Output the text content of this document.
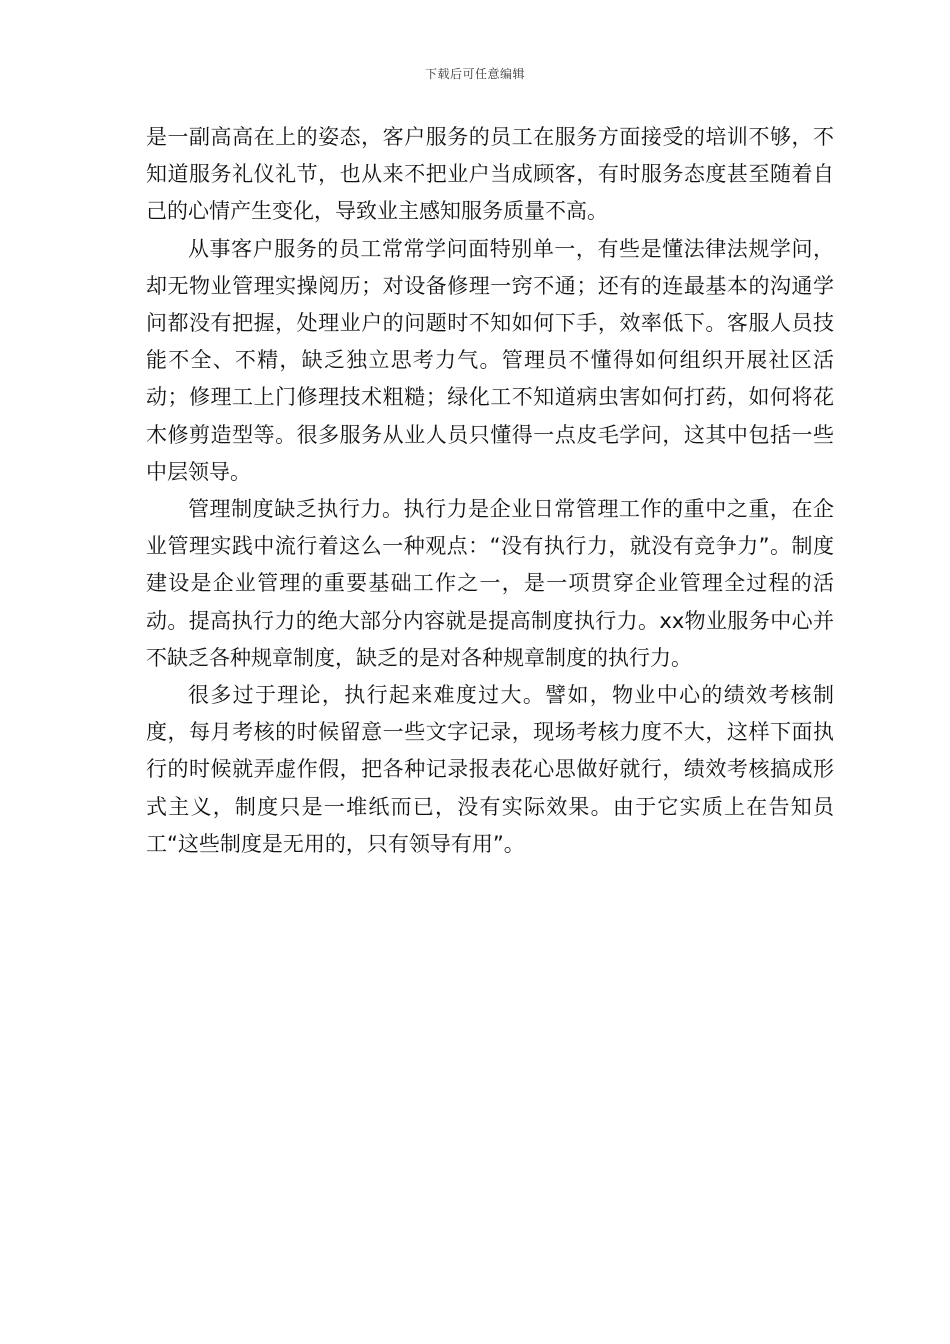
下载后可任意编辑

是一副高高在上的姿态，客户服务的员工在服务方面接受的培训不够，不知道服务礼仪礼节，也从来不把业户当成顾客，有时服务态度甚至随着自己的心情产生变化，导致业主感知服务质量不高。

从事客户服务的员工常常学问面特别单一，有些是懂法律法规学问，却无物业管理实操阅历；对设备修理一窍不通；还有的连最基本的沟通学问都没有把握，处理业户的问题时不知如何下手，效率低下。客服人员技能不全、不精，缺乏独立思考力气。管理员不懂得如何组织开展社区活动；修理工上门修理技术粗糙；绿化工不知道病虫害如何打药，如何将花木修剪造型等。很多服务从业人员只懂得一点皮毛学问，这其中包括一些中层领导。

管理制度缺乏执行力。执行力是企业日常管理工作的重中之重，在企业管理实践中流行着这么一种观点：“没有执行力，就没有竞争力”。制度建设是企业管理的重要基础工作之一，是一项贯穿企业管理全过程的活动。提高执行力的绝大部分内容就是提高制度执行力。xx物业服务中心并不缺乏各种规章制度，缺乏的是对各种规章制度的执行力。

很多过于理论，执行起来难度过大。譬如，物业中心的绩效考核制度，每月考核的时候留意一些文字记录，现场考核力度不大，这样下面执行的时候就弄虚作假，把各种记录报表花心思做好就行，绩效考核搞成形式主义，制度只是一堆纸而已，没有实际效果。由于它实质上在告知员工“这些制度是无用的，只有领导有用”。
